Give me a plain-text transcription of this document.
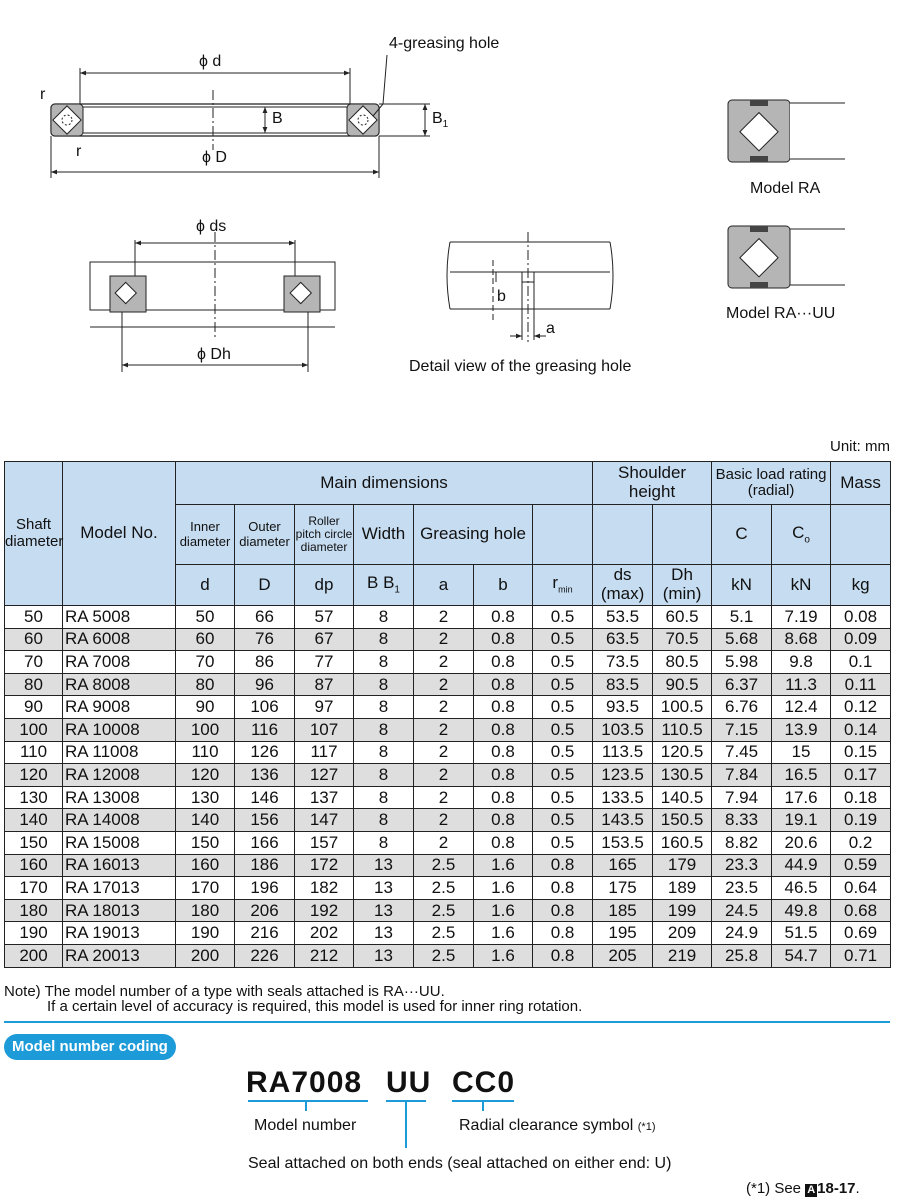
4-greasing hole
ϕ d
r
B	$B_1$
r	ϕ D
ϕ ds
ϕ Dh
b
a
Detail view of the greasing hole
Model RA
Model RA···UU
Unit: mm
Shaft diameter	Model No.	Main dimensions							Shoulder height		Basic load rating (radial)		Mass
		Inner diameter	Outer diameter	Roller pitch circle diameter	Width	Greasing hole					C	$C_o$	
		d	D	dp	B $B_1$	a	b	$r_{min}$	ds (max)	Dh (min)	kN	kN	kg
50	RA 5008	50	66	57	8	2	0.8	0.5	53.5	60.5	5.1	7.19	0.08
60	RA 6008	60	76	67	8	2	0.8	0.5	63.5	70.5	5.68	8.68	0.09
70	RA 7008	70	86	77	8	2	0.8	0.5	73.5	80.5	5.98	9.8	0.1
80	RA 8008	80	96	87	8	2	0.8	0.5	83.5	90.5	6.37	11.3	0.11
90	RA 9008	90	106	97	8	2	0.8	0.5	93.5	100.5	6.76	12.4	0.12
100	RA 10008	100	116	107	8	2	0.8	0.5	103.5	110.5	7.15	13.9	0.14
110	RA 11008	110	126	117	8	2	0.8	0.5	113.5	120.5	7.45	15	0.15
120	RA 12008	120	136	127	8	2	0.8	0.5	123.5	130.5	7.84	16.5	0.17
130	RA 13008	130	146	137	8	2	0.8	0.5	133.5	140.5	7.94	17.6	0.18
140	RA 14008	140	156	147	8	2	0.8	0.5	143.5	150.5	8.33	19.1	0.19
150	RA 15008	150	166	157	8	2	0.8	0.5	153.5	160.5	8.82	20.6	0.2
160	RA 16013	160	186	172	13	2.5	1.6	0.8	165	179	23.3	44.9	0.59
170	RA 17013	170	196	182	13	2.5	1.6	0.8	175	189	23.5	46.5	0.64
180	RA 18013	180	206	192	13	2.5	1.6	0.8	185	199	24.5	49.8	0.68
190	RA 19013	190	216	202	13	2.5	1.6	0.8	195	209	24.9	51.5	0.69
200	RA 20013	200	226	212	13	2.5	1.6	0.8	205	219	25.8	54.7	0.71
Note) The model number of a type with seals attached is RA···UU.
If a certain level of accuracy is required, this model is used for inner ring rotation.
Model number coding
RA7008 UU CC0
Model number	Radial clearance symbol (*1)
Seal attached on both ends (seal attached on either end: U)
(*1) See A 18-17.
